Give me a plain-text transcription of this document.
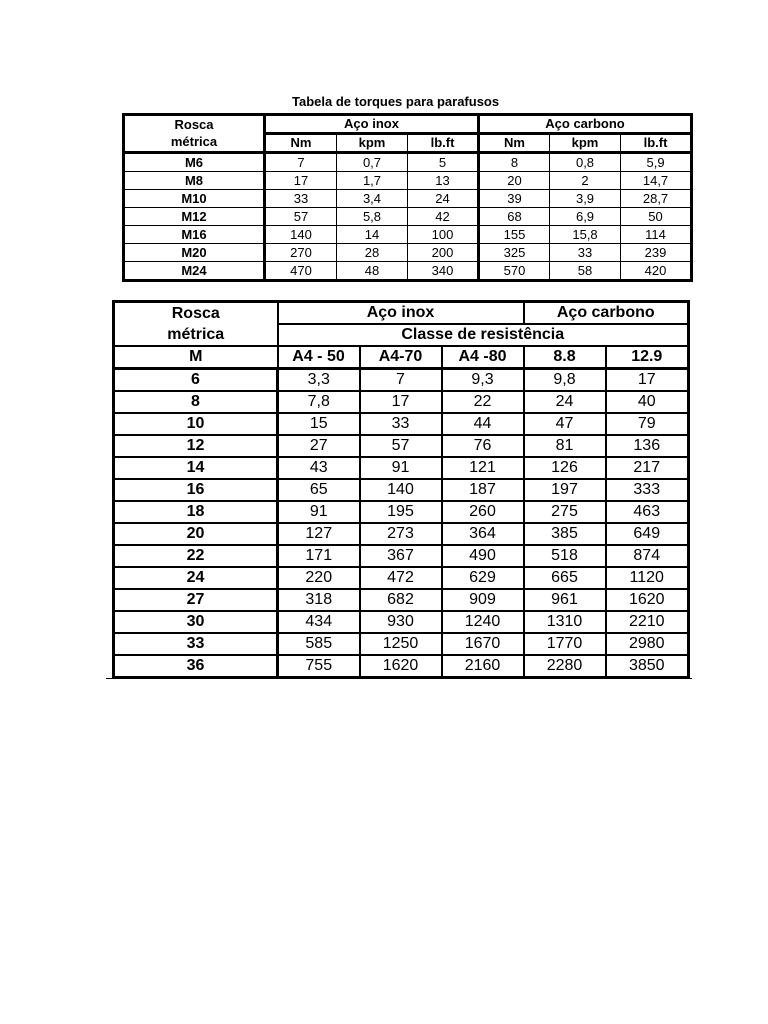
Tabela de torques para parafusos
Rosca	Aço inox			Aço carbono		
métrica	Nm	kpm	lb.ft	Nm	kpm	lb.ft
M6	7	0,7	5	8	0,8	5,9
M8	17	1,7	13	20	2	14,7
M10	33	3,4	24	39	3,9	28,7
M12	57	5,8	42	68	6,9	50
M16	140	14	100	155	15,8	114
M20	270	28	200	325	33	239
M24	470	48	340	570	58	420
Rosca	Aço inox			Aço carbono	
métrica	Classe de resistência				
M	A4 - 50	A4-70	A4 -80	8.8	12.9
6	3,3	7	9,3	9,8	17
8	7,8	17	22	24	40
10	15	33	44	47	79
12	27	57	76	81	136
14	43	91	121	126	217
16	65	140	187	197	333
18	91	195	260	275	463
20	127	273	364	385	649
22	171	367	490	518	874
24	220	472	629	665	1120
27	318	682	909	961	1620
30	434	930	1240	1310	2210
33	585	1250	1670	1770	2980
36	755	1620	2160	2280	3850
